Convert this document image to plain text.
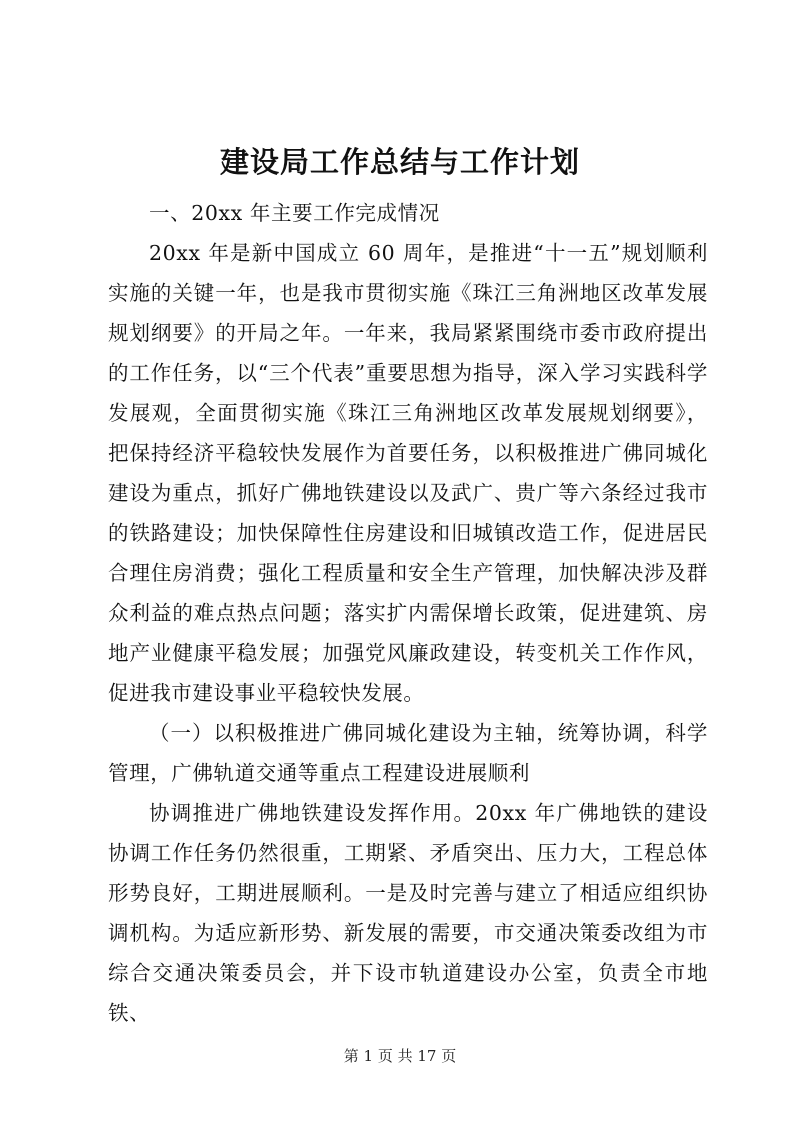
建设局工作总结与工作计划

一、20xx 年主要工作完成情况

20xx 年是新中国成立 60 周年，是推进“十一五”规划顺利实施的关键一年，也是我市贯彻实施《珠江三角洲地区改革发展规划纲要》的开局之年。一年来，我局紧紧围绕市委市政府提出的工作任务，以“三个代表”重要思想为指导，深入学习实践科学发展观，全面贯彻实施《珠江三角洲地区改革发展规划纲要》，把保持经济平稳较快发展作为首要任务，以积极推进广佛同城化建设为重点，抓好广佛地铁建设以及武广、贵广等六条经过我市的铁路建设；加快保障性住房建设和旧城镇改造工作，促进居民合理住房消费；强化工程质量和安全生产管理，加快解决涉及群众利益的难点热点问题；落实扩内需保增长政策，促进建筑、房地产业健康平稳发展；加强党风廉政建设，转变机关工作作风，促进我市建设事业平稳较快发展。

（一）以积极推进广佛同城化建设为主轴，统筹协调，科学管理，广佛轨道交通等重点工程建设进展顺利

协调推进广佛地铁建设发挥作用。20xx 年广佛地铁的建设协调工作任务仍然很重，工期紧、矛盾突出、压力大，工程总体形势良好，工期进展顺利。一是及时完善与建立了相适应组织协调机构。为适应新形势、新发展的需要，市交通决策委改组为市综合交通决策委员会，并下设市轨道建设办公室，负责全市地铁、

第 1 页 共 17 页
